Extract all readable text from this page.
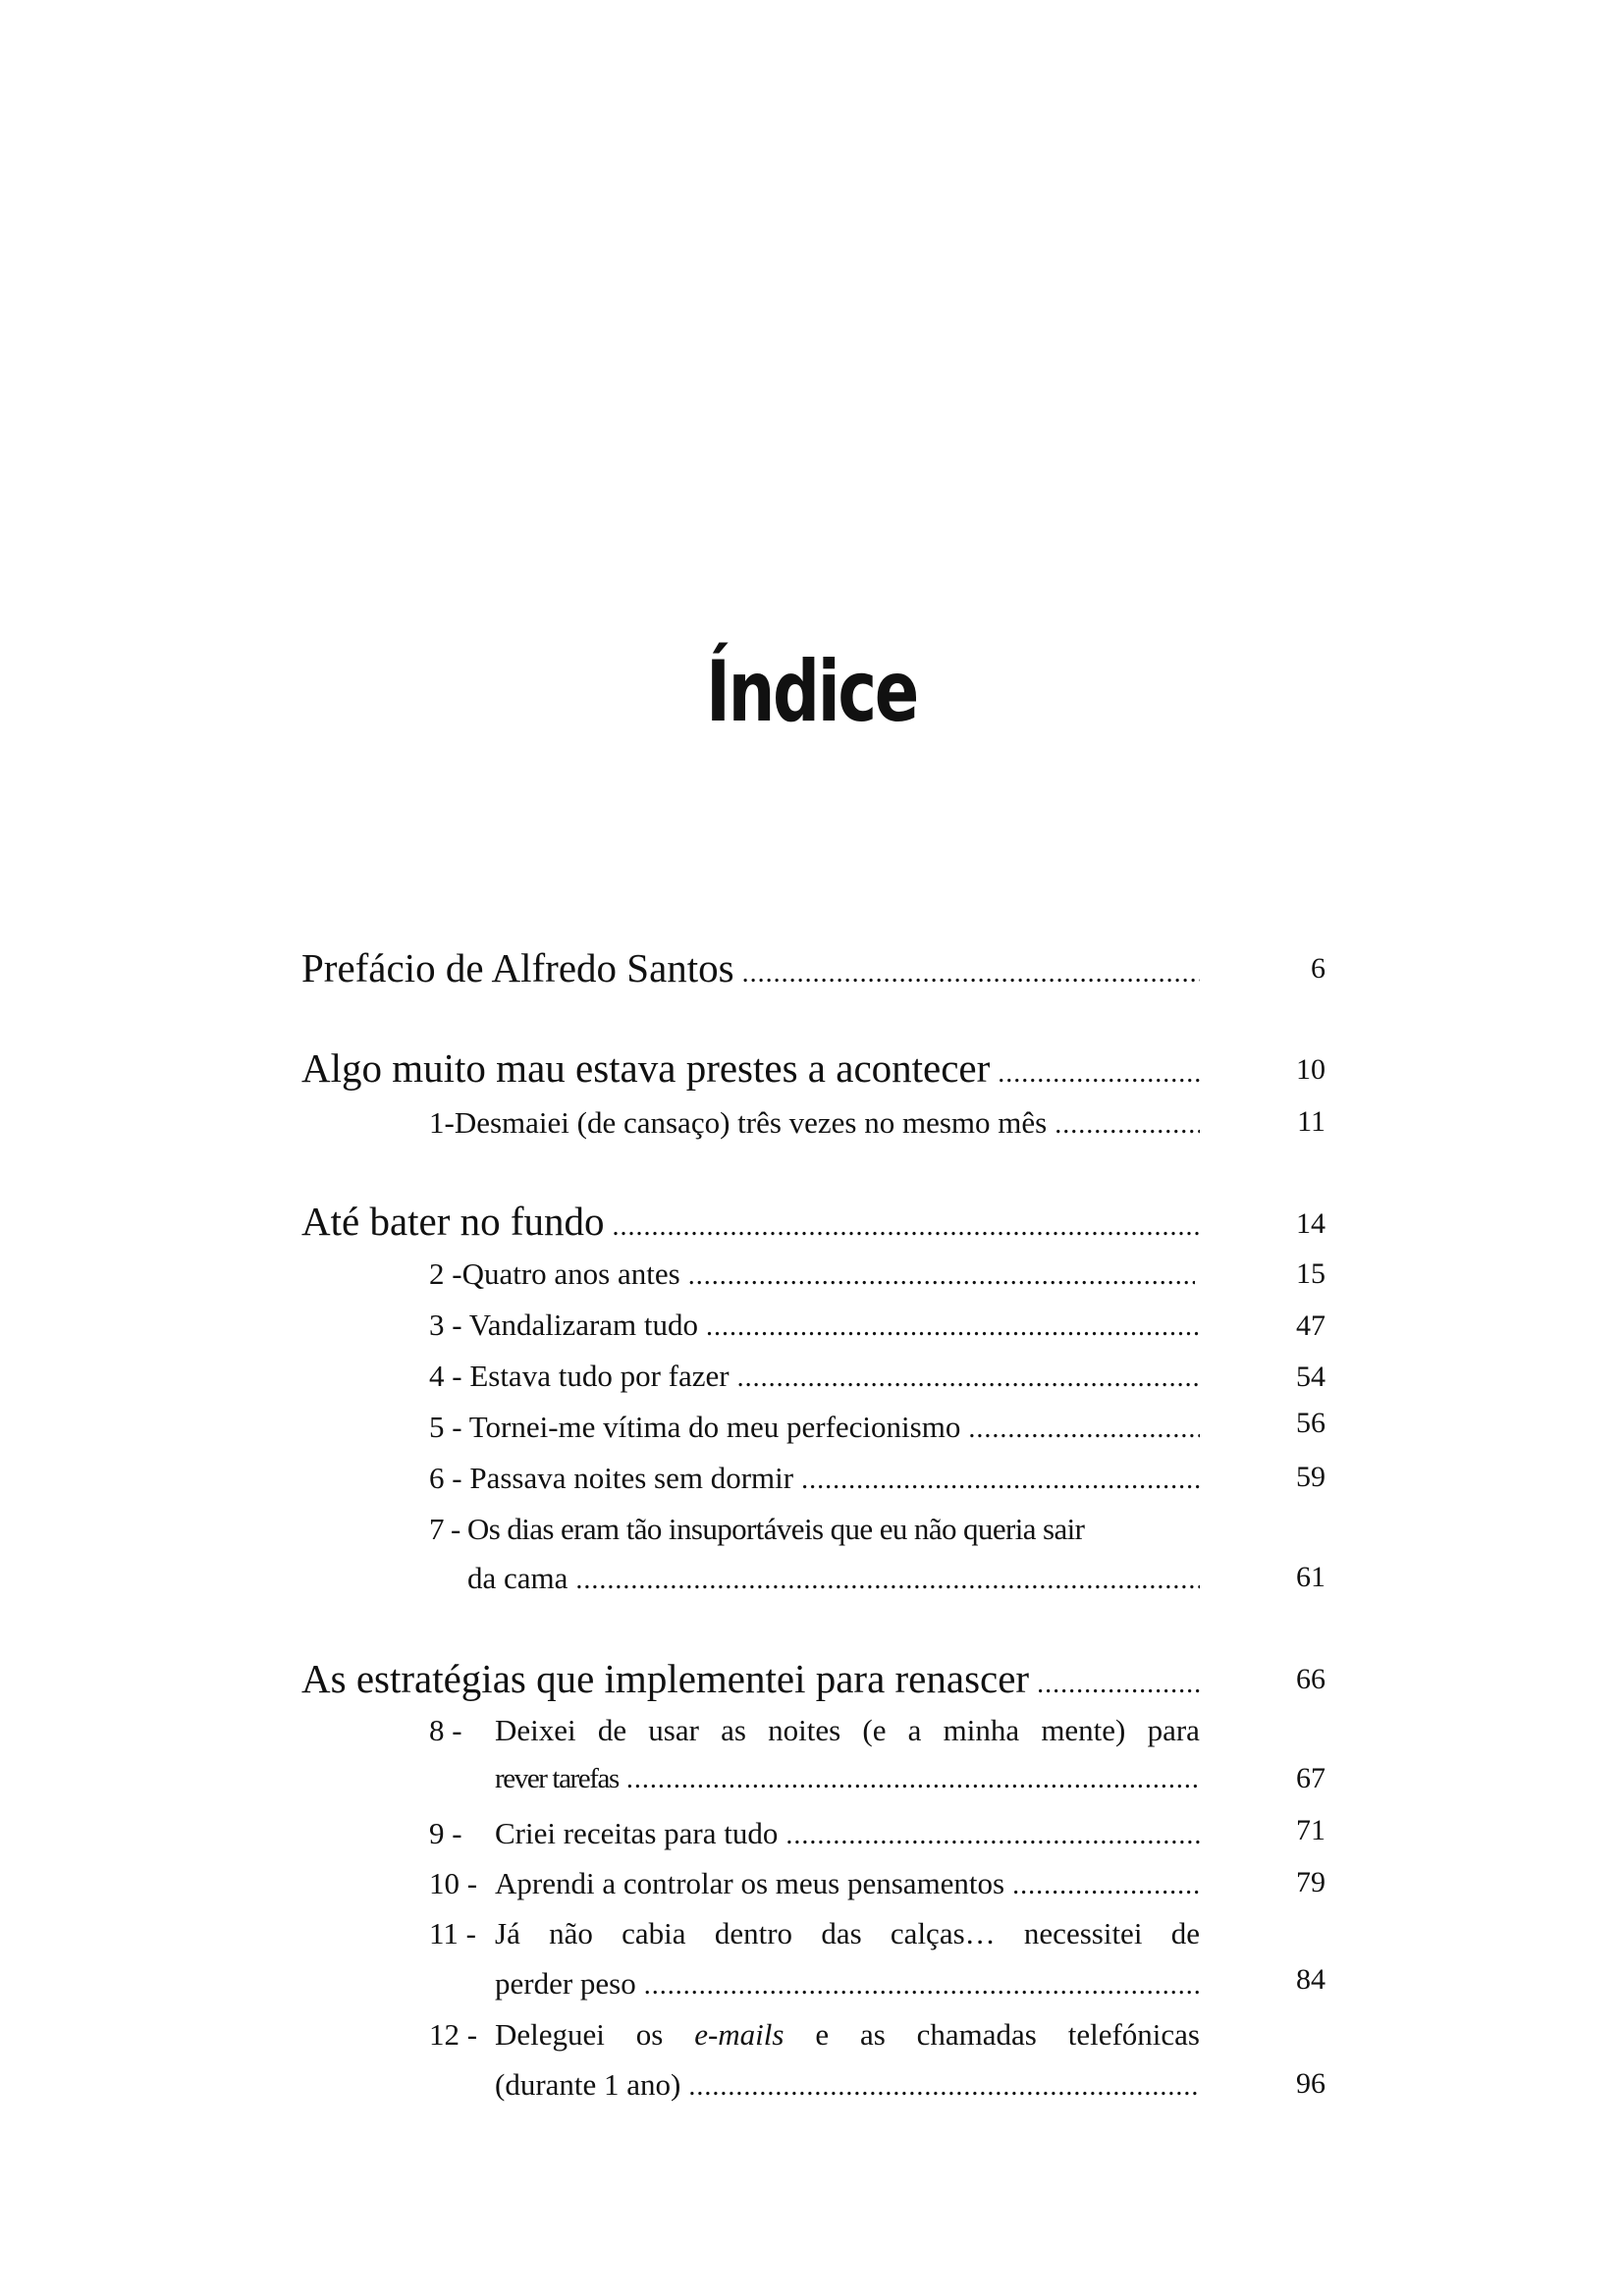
Índice
Prefácio de Alfredo Santos .....	6
Algo muito mau estava prestes a acontecer .....	10
1-Desmaiei (de cansaço) três vezes no mesmo mês .....	11
Até bater no fundo .....	14
2 -Quatro anos antes .....	15
3 - Vandalizaram tudo .....	47
4 - Estava tudo por fazer .....	54
5 - Tornei-me vítima do meu perfecionismo .....	56
6 - Passava noites sem dormir .....	59
7 - Os dias eram tão insuportáveis que eu não queria sair
da cama .....	61
As estratégias que implementei para renascer .....	66
8 - Deixei de usar as noites (e a minha mente) para
rever tarefas .....	67
9 - Criei receitas para tudo .....	71
10 - Aprendi a controlar os meus pensamentos .....	79
11 - Já não cabia dentro das calças… necessitei de
perder peso .....	84
12 - Deleguei os e-mails e as chamadas telefónicas
(durante 1 ano) .....	96
